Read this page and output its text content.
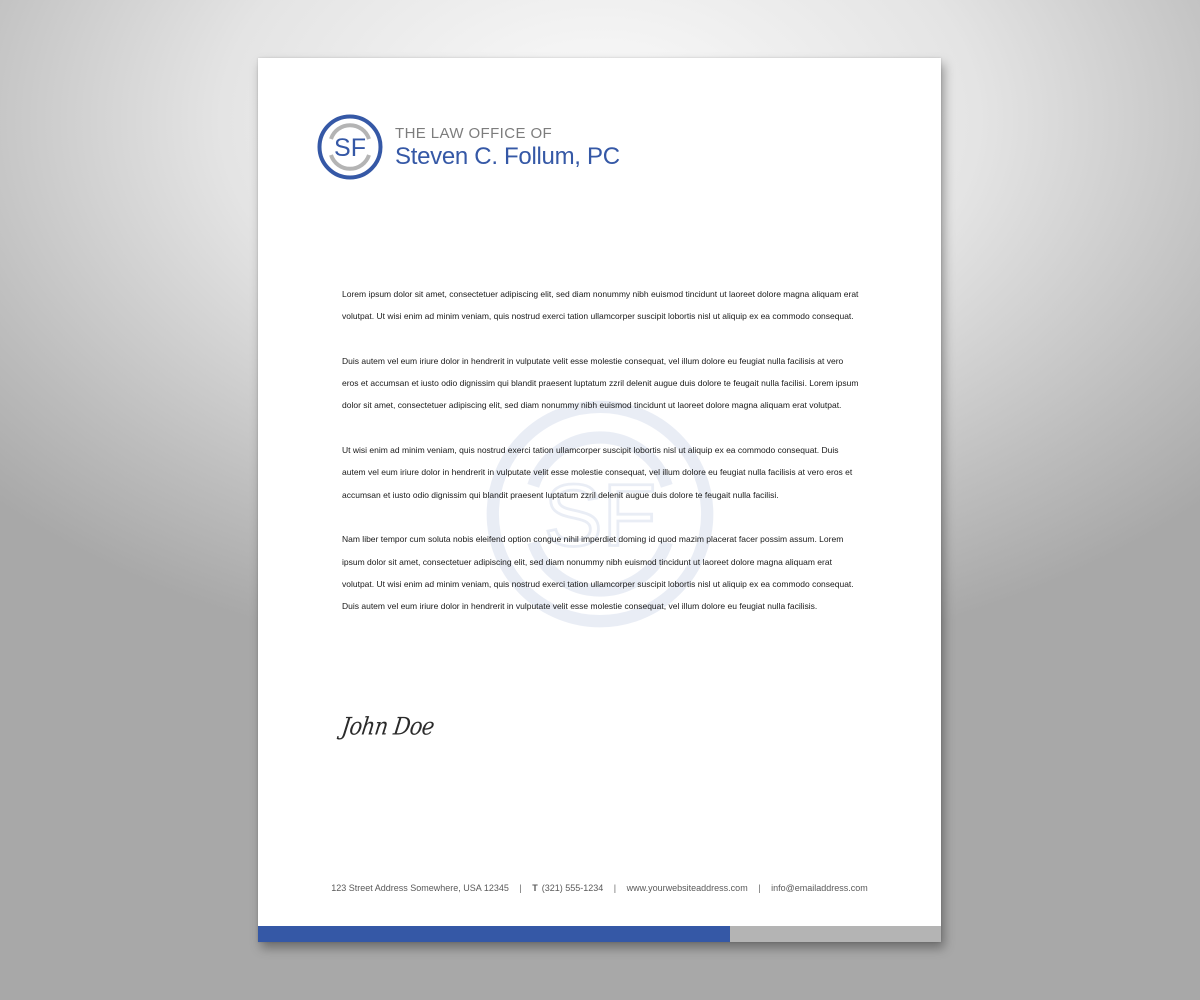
SF
THE LAW OFFICE OF
Steven C. Follum, PC
SF

Lorem ipsum dolor sit amet, consectetuer adipiscing elit, sed diam nonummy nibh euismod tincidunt ut laoreet dolore magna aliquam erat volutpat. Ut wisi enim ad minim veniam, quis nostrud exerci tation ullamcorper suscipit lobortis nisl ut aliquip ex ea commodo consequat.

Duis autem vel eum iriure dolor in hendrerit in vulputate velit esse molestie consequat, vel illum dolore eu feugiat nulla facilisis at vero eros et accumsan et iusto odio dignissim qui blandit praesent luptatum zzril delenit augue duis dolore te feugait nulla facilisi. Lorem ipsum dolor sit amet, consectetuer adipiscing elit, sed diam nonummy nibh euismod tincidunt ut laoreet dolore magna aliquam erat volutpat.

Ut wisi enim ad minim veniam, quis nostrud exerci tation ullamcorper suscipit lobortis nisl ut aliquip ex ea commodo consequat. Duis autem vel eum iriure dolor in hendrerit in vulputate velit esse molestie consequat, vel illum dolore eu feugiat nulla facilisis at vero eros et accumsan et iusto odio dignissim qui blandit praesent luptatum zzril delenit augue duis dolore te feugait nulla facilisi.

Nam liber tempor cum soluta nobis eleifend option congue nihil imperdiet doming id quod mazim placerat facer possim assum. Lorem ipsum dolor sit amet, consectetuer adipiscing elit, sed diam nonummy nibh euismod tincidunt ut laoreet dolore magna aliquam erat volutpat. Ut wisi enim ad minim veniam, quis nostrud exerci tation ullamcorper suscipit lobortis nisl ut aliquip ex ea commodo consequat. Duis autem vel eum iriure dolor in hendrerit in vulputate velit esse molestie consequat, vel illum dolore eu feugiat nulla facilisis.

John Doe
123 Street Address Somewhere, USA 12345 | T (321) 555-1234 | www.yourwebsiteaddress.com | info@emailaddress.com
